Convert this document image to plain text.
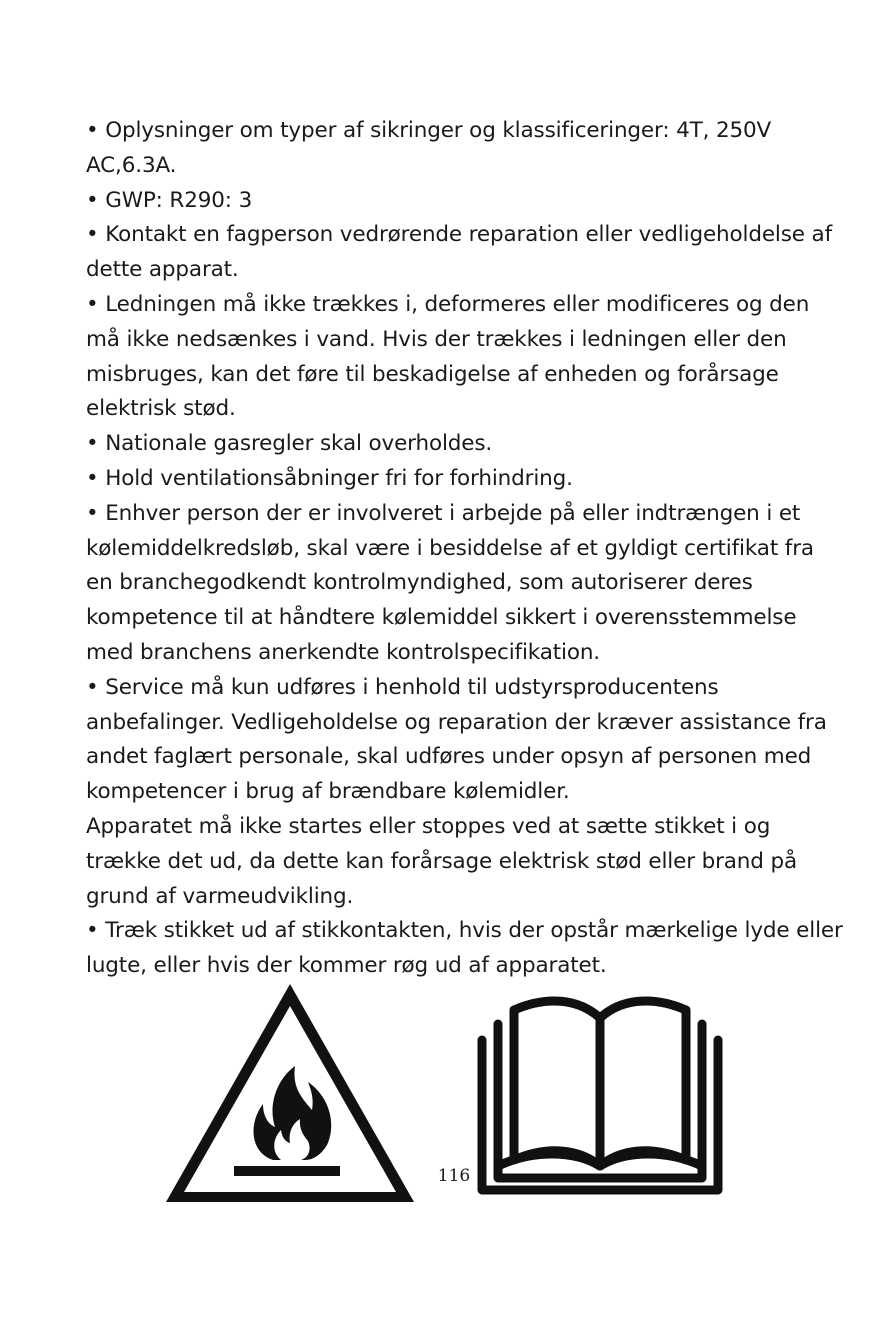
• Oplysninger om typer af sikringer og klassificeringer: 4T, 250V AC,6.3A.

• GWP: R290: 3

• Kontakt en fagperson vedrørende reparation eller vedligeholdelse af dette apparat.

• Ledningen må ikke trækkes i, deformeres eller modificeres og den må ikke nedsænkes i vand. Hvis der trækkes i ledningen eller den misbruges, kan det føre til beskadigelse af enheden og forårsage elektrisk stød.

• Nationale gasregler skal overholdes.

• Hold ventilationsåbninger fri for forhindring.

• Enhver person der er involveret i arbejde på eller indtrængen i et kølemiddelkredsløb, skal være i besiddelse af et gyldigt certifikat fra en branchegodkendt kontrolmyndighed, som autoriserer deres kompetence til at håndtere kølemiddel sikkert i overensstemmelse med branchens anerkendte kontrolspecifikation.

• Service må kun udføres i henhold til udstyrsproducentens anbefalinger. Vedligeholdelse og reparation der kræver assistance fra andet faglært personale, skal udføres under opsyn af personen med kompetencer i brug af brændbare kølemidler.

Apparatet må ikke startes eller stoppes ved at sætte stikket i og trække det ud, da dette kan forårsage elektrisk stød eller brand på grund af varmeudvikling.

• Træk stikket ud af stikkontakten, hvis der opstår mærkelige lyde eller lugte, eller hvis der kommer røg ud af apparatet.

116
